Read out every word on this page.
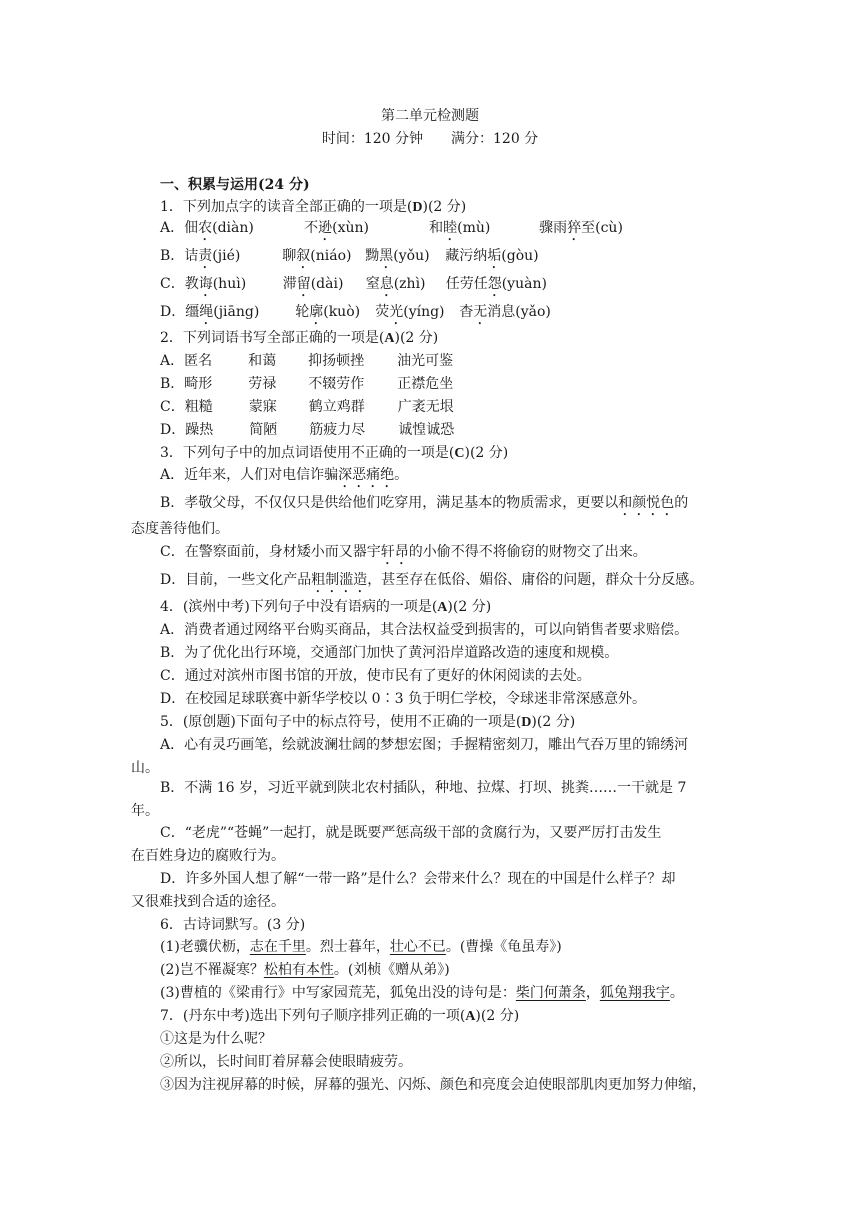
第二单元检测题
时间：120 分钟　　满分：120 分
一、积累与运用(24 分)
1．下列加点字的读音全部正确的一项是(D)(2 分)
A．佃农(diàn)	不逊(xùn)	和睦(mù)	骤雨猝至(cù)
B．诘责(jié)	聊叙(niáo) 黝黑(yǒu) 藏污纳垢(gòu)
C．教诲(huì)	滞留(dài) 窒息(zhì) 任劳任怨(yuàn)
D．缰绳(jiāng)	轮廓(kuò) 荧光(yíng) 杳无消息(yǎo)
2．下列词语书写全部正确的一项是(A)(2 分)
A．匿名	和蔼 抑扬顿挫 油光可鉴
B．畸形	劳禄 不辍劳作 正襟危坐
C．粗糙	蒙寐 鹤立鸡群 广袤无垠
D．躁热	简陋 筋疲力尽 诚惶诚恐
3．下列句子中的加点词语使用不正确的一项是(C)(2 分)
A．近年来，人们对电信诈骗深恶痛绝。
B．孝敬父母，不仅仅只是供给他们吃穿用，满足基本的物质需求，更要以和颜悦色的
态度善待他们。
C．在警察面前，身材矮小而又器宇轩昂的小偷不得不将偷窃的财物交了出来。
D．目前，一些文化产品粗制滥造，甚至存在低俗、媚俗、庸俗的问题，群众十分反感。
4．(滨州中考)下列句子中没有语病的一项是(A)(2 分)
A．消费者通过网络平台购买商品，其合法权益受到损害的，可以向销售者要求赔偿。
B．为了优化出行环境，交通部门加快了黄河沿岸道路改造的速度和规模。
C．通过对滨州市图书馆的开放，使市民有了更好的休闲阅读的去处。
D．在校园足球联赛中新华学校以 0∶3 负于明仁学校，令球迷非常深感意外。
5．(原创题)下面句子中的标点符号，使用不正确的一项是(D)(2 分)
A．心有灵巧画笔，绘就波澜壮阔的梦想宏图；手握精密刻刀，雕出气吞万里的锦绣河
山。
B．不满 16 岁，习近平就到陕北农村插队，种地、拉煤、打坝、挑粪……一干就是 7
年。
C．“老虎”“苍蝇”一起打，就是既要严惩高级干部的贪腐行为，又要严厉打击发生
在百姓身边的腐败行为。
D．许多外国人想了解“一带一路”是什么？会带来什么？现在的中国是什么样子？却
又很难找到合适的途径。
6．古诗词默写。(3 分)
(1)老骥伏枥，志在千里。烈士暮年，壮心不已。(曹操《龟虽寿》)
(2)岂不罹凝寒？松柏有本性。(刘桢《赠从弟》)
(3)曹植的《梁甫行》中写家园荒芜，狐兔出没的诗句是：柴门何萧条，狐兔翔我宇。
7．(丹东中考)选出下列句子顺序排列正确的一项(A)(2 分)
①这是为什么呢？
②所以，长时间盯着屏幕会使眼睛疲劳。
③因为注视屏幕的时候，屏幕的强光、闪烁、颜色和亮度会迫使眼部肌肉更加努力伸缩，
